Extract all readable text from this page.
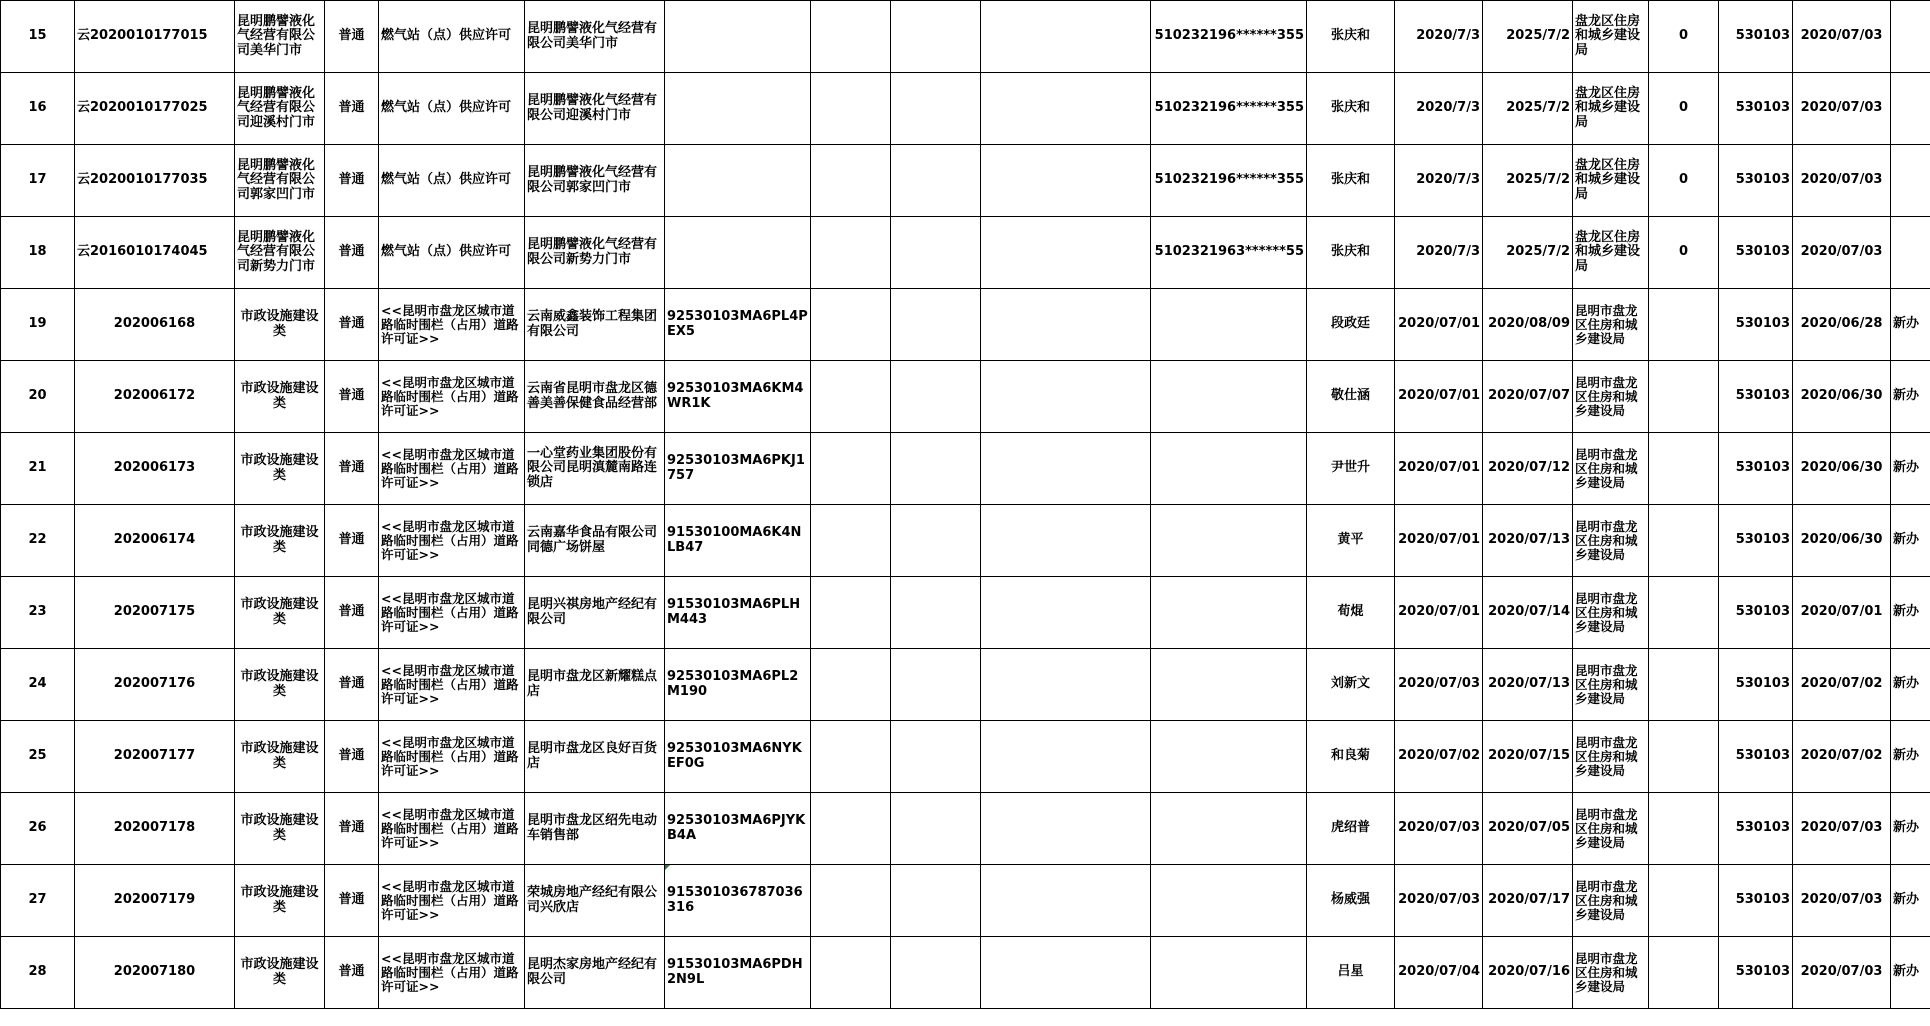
15	云2020010177015	昆明鹏譬液化气经营有限公司美华门市	普通	燃气站（点）供应许可	昆明鹏譬液化气经营有限公司美华门市					510232196******355	张庆和	2020/7/3	2025/7/2	盘龙区住房和城乡建设局	0	530103	2020/07/03	
16	云2020010177025	昆明鹏譬液化气经营有限公司迎溪村门市	普通	燃气站（点）供应许可	昆明鹏譬液化气经营有限公司迎溪村门市					510232196******355	张庆和	2020/7/3	2025/7/2	盘龙区住房和城乡建设局	0	530103	2020/07/03	
17	云2020010177035	昆明鹏譬液化气经营有限公司郭家凹门市	普通	燃气站（点）供应许可	昆明鹏譬液化气经营有限公司郭家凹门市					510232196******355	张庆和	2020/7/3	2025/7/2	盘龙区住房和城乡建设局	0	530103	2020/07/03	
18	云2016010174045	昆明鹏譬液化气经营有限公司新势力门市	普通	燃气站（点）供应许可	昆明鹏譬液化气经营有限公司新势力门市					5102321963******55	张庆和	2020/7/3	2025/7/2	盘龙区住房和城乡建设局	0	530103	2020/07/03	
19	202006168	市政设施建设类	普通	<<昆明市盘龙区城市道路临时围栏（占用）道路许可证>>	云南威鑫装饰工程集团有限公司	92530103MA6PL4PEX5					段政廷	2020/07/01	2020/08/09	昆明市盘龙区住房和城乡建设局		530103	2020/06/28	新办
20	202006172	市政设施建设类	普通	<<昆明市盘龙区城市道路临时围栏（占用）道路许可证>>	云南省昆明市盘龙区德善美善保健食品经营部	92530103MA6KM4WR1K					敬仕涵	2020/07/01	2020/07/07	昆明市盘龙区住房和城乡建设局		530103	2020/06/30	新办
21	202006173	市政设施建设类	普通	<<昆明市盘龙区城市道路临时围栏（占用）道路许可证>>	一心堂药业集团股份有限公司昆明滇麓南路连锁店	92530103MA6PKJ1757					尹世升	2020/07/01	2020/07/12	昆明市盘龙区住房和城乡建设局		530103	2020/06/30	新办
22	202006174	市政设施建设类	普通	<<昆明市盘龙区城市道路临时围栏（占用）道路许可证>>	云南嘉华食品有限公司同德广场饼屋	91530100MA6K4NLB47					黄平	2020/07/01	2020/07/13	昆明市盘龙区住房和城乡建设局		530103	2020/06/30	新办
23	202007175	市政设施建设类	普通	<<昆明市盘龙区城市道路临时围栏（占用）道路许可证>>	昆明兴祺房地产经纪有限公司	91530103MA6PLHM443					荀焜	2020/07/01	2020/07/14	昆明市盘龙区住房和城乡建设局		530103	2020/07/01	新办
24	202007176	市政设施建设类	普通	<<昆明市盘龙区城市道路临时围栏（占用）道路许可证>>	昆明市盘龙区新耀糕点店	92530103MA6PL2M190					刘新文	2020/07/03	2020/07/13	昆明市盘龙区住房和城乡建设局		530103	2020/07/02	新办
25	202007177	市政设施建设类	普通	<<昆明市盘龙区城市道路临时围栏（占用）道路许可证>>	昆明市盘龙区良好百货店	92530103MA6NYKEF0G					和良菊	2020/07/02	2020/07/15	昆明市盘龙区住房和城乡建设局		530103	2020/07/02	新办
26	202007178	市政设施建设类	普通	<<昆明市盘龙区城市道路临时围栏（占用）道路许可证>>	昆明市盘龙区绍先电动车销售部	92530103MA6PJYKB4A					虎绍普	2020/07/03	2020/07/05	昆明市盘龙区住房和城乡建设局		530103	2020/07/03	新办
27	202007179	市政设施建设类	普通	<<昆明市盘龙区城市道路临时围栏（占用）道路许可证>>	荣城房地产经纪有限公司兴欣店	915301036787036316					杨威强	2020/07/03	2020/07/17	昆明市盘龙区住房和城乡建设局		530103	2020/07/03	新办
28	202007180	市政设施建设类	普通	<<昆明市盘龙区城市道路临时围栏（占用）道路许可证>>	昆明杰家房地产经纪有限公司	91530103MA6PDH2N9L					吕星	2020/07/04	2020/07/16	昆明市盘龙区住房和城乡建设局		530103	2020/07/03	新办
